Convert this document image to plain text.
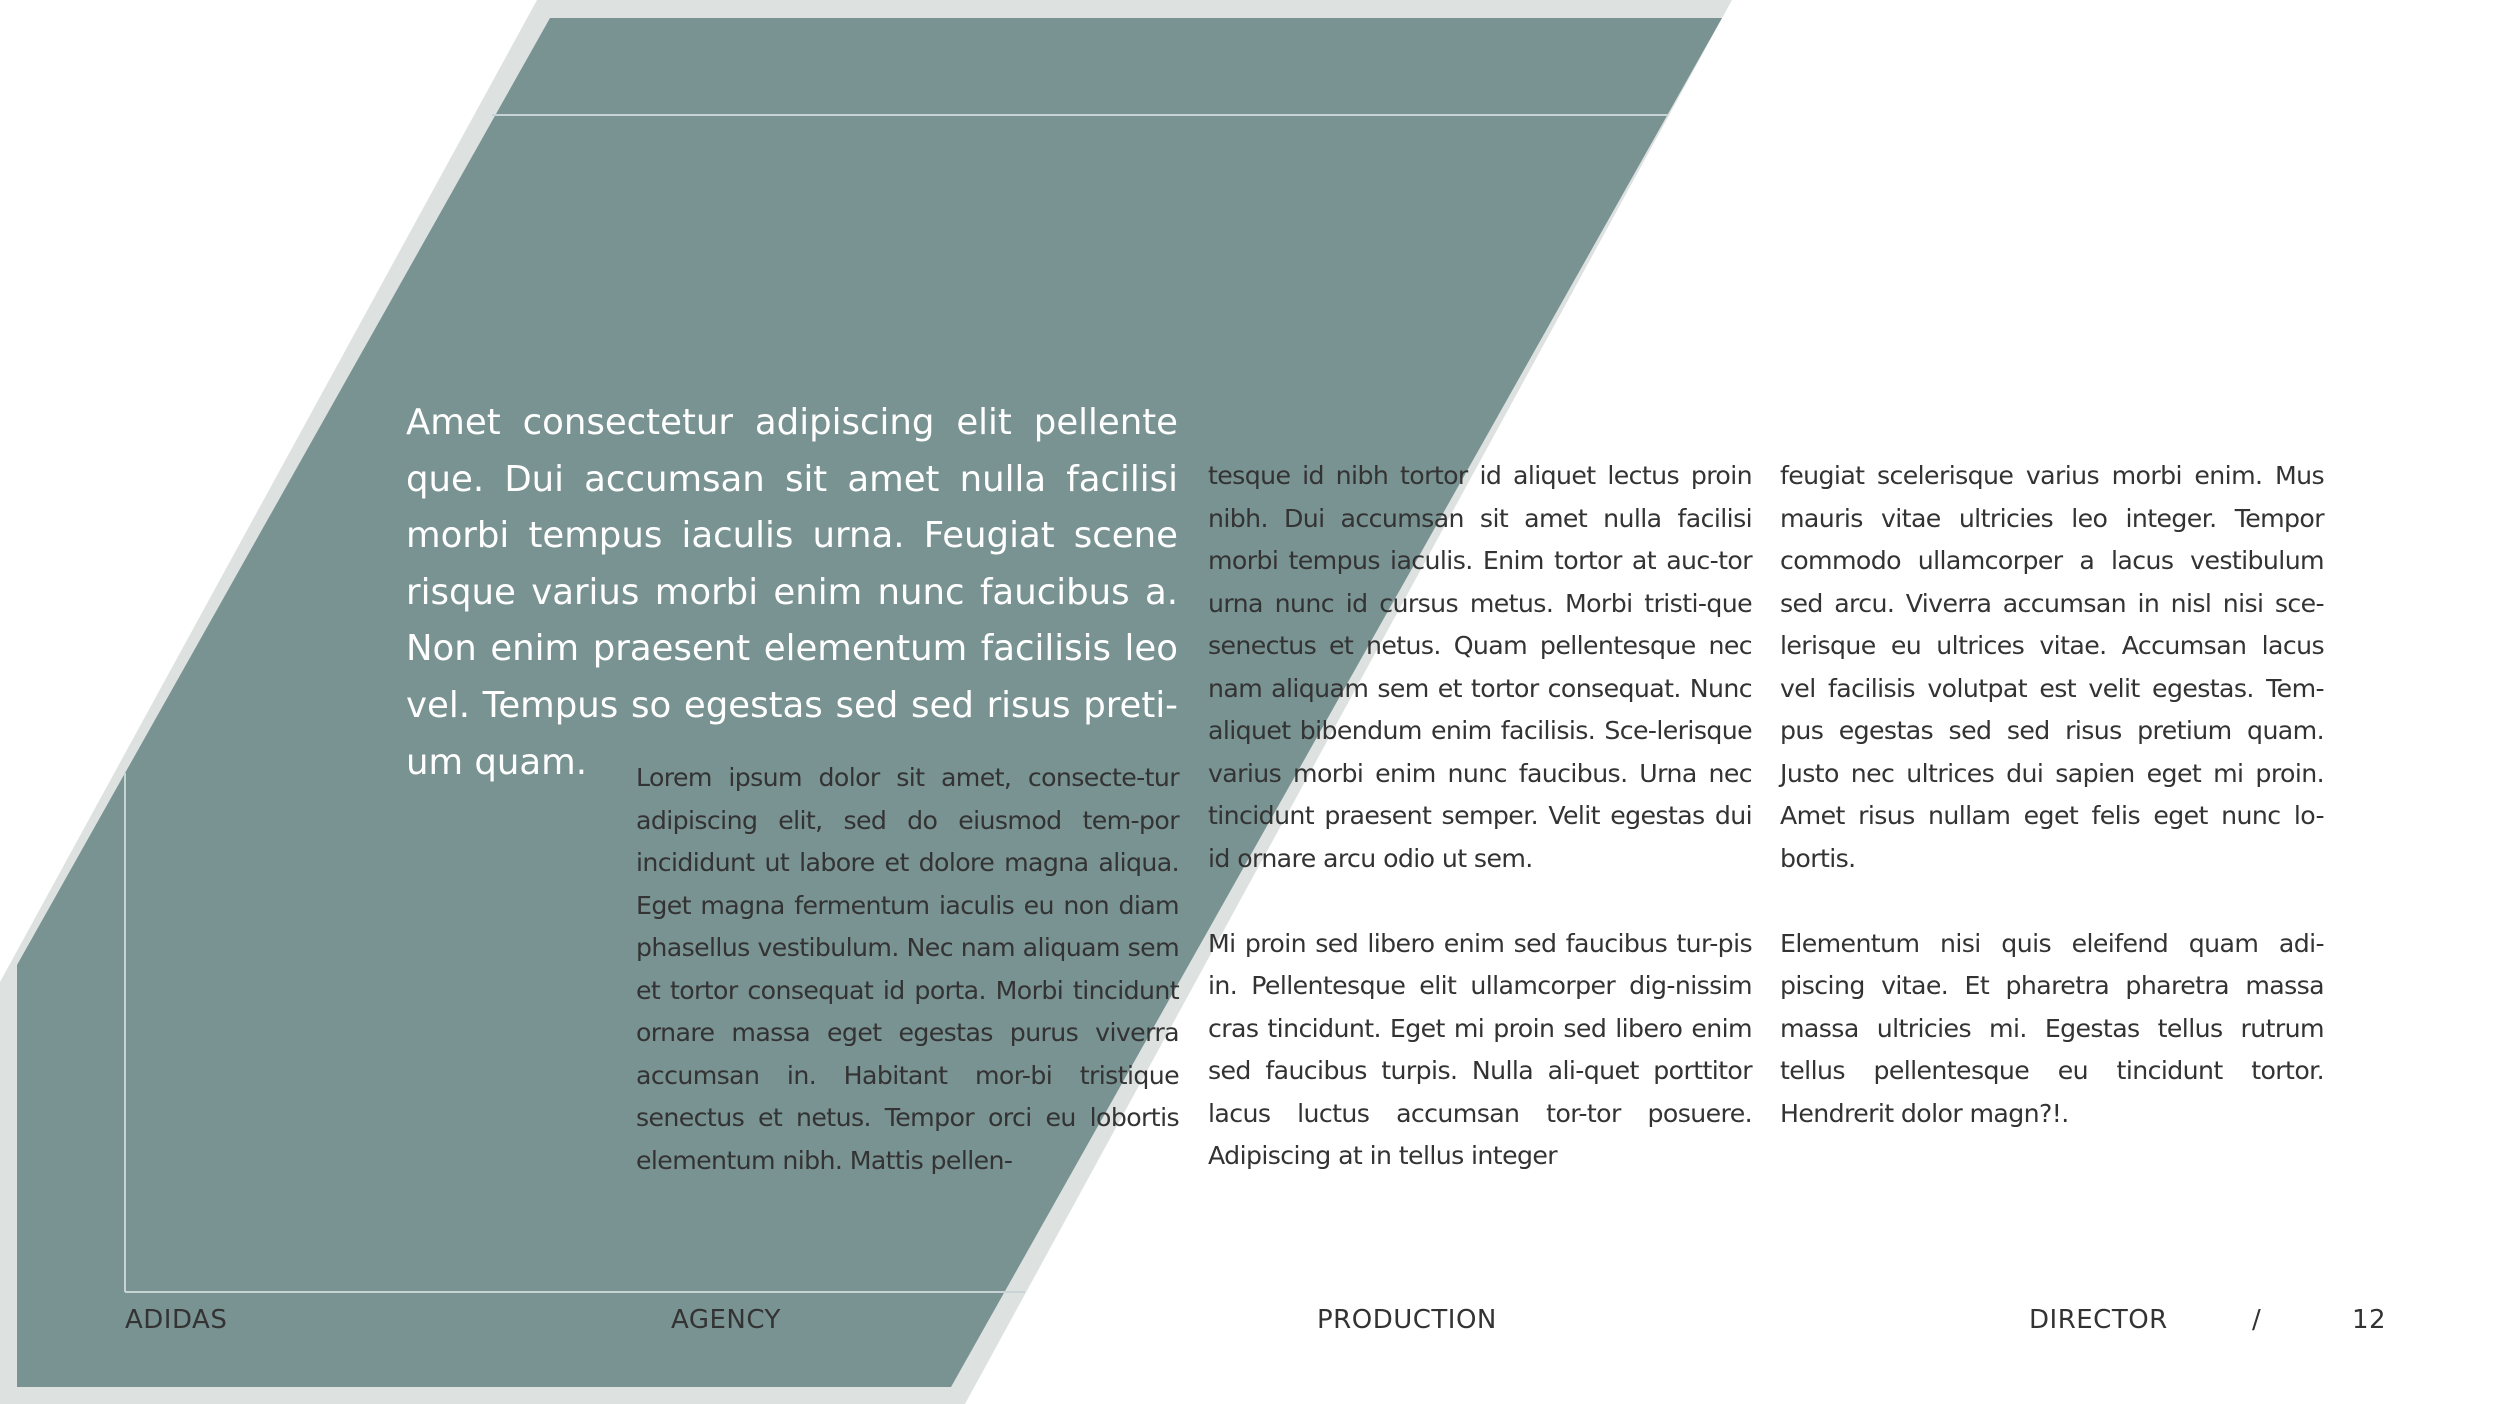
Amet consectetur adipiscing elit pellente que. Dui accumsan sit amet nulla facilisi morbi tempus iaculis urna. Feugiat scene risque varius morbi enim nunc faucibus a. Non enim praesent elementum facilisis leo vel. Tempus so egestas sed sed risus preti-um quam.	Lorem ipsum dolor sit amet, consecte-tur adipiscing elit, sed do eiusmod tem-por incididunt ut labore et dolore magna aliqua. Eget magna fermentum iaculis eu non diam phasellus vestibulum. Nec nam aliquam sem et tortor consequat id porta. Morbi tincidunt ornare massa eget egestas purus viverra accumsan in. Habitant mor-bi tristique senectus et netus. Tempor orci eu lobortis elementum nibh. Mattis pellen-

tesque id nibh tortor id aliquet lectus proin nibh. Dui accumsan sit amet nulla facilisi morbi tempus iaculis. Enim tortor at auc-tor urna nunc id cursus metus. Morbi tristi-que senectus et netus. Quam pellentesque nec nam aliquam sem et tortor consequat. Nunc aliquet bibendum enim facilisis. Sce-lerisque varius morbi enim nunc faucibus. Urna nec tincidunt praesent semper. Velit egestas dui id ornare arcu odio ut sem.

Mi proin sed libero enim sed faucibus tur-pis in. Pellentesque elit ullamcorper dig-nissim cras tincidunt. Eget mi proin sed libero enim sed faucibus turpis. Nulla ali-quet porttitor lacus luctus accumsan tor-tor posuere. Adipiscing at in tellus integer

feugiat scelerisque varius morbi enim. Mus mauris vitae ultricies leo integer. Tempor commodo ullamcorper a lacus vestibulum sed arcu. Viverra accumsan in nisl nisi sce-lerisque eu ultrices vitae. Accumsan lacus vel facilisis volutpat est velit egestas. Tem-pus egestas sed sed risus pretium quam. Justo nec ultrices dui sapien eget mi proin. Amet risus nullam eget felis eget nunc lo-bortis.

Elementum nisi quis eleifend quam adi-piscing vitae. Et pharetra pharetra massa massa ultricies mi. Egestas tellus rutrum tellus pellentesque eu tincidunt tortor. Hendrerit dolor magn?!.

ADIDAS	AGENCY	PRODUCTION	DIRECTOR	/	12
